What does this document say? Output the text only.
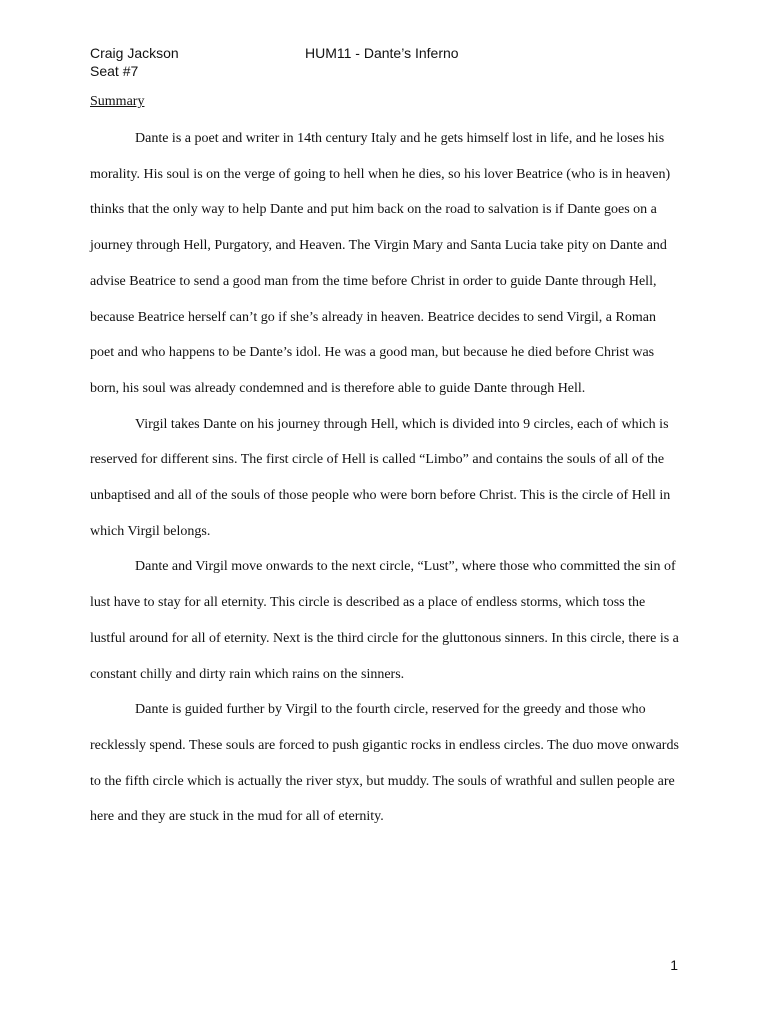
Craig Jackson
Seat #7
HUM11 - Dante’s Inferno
Summary

Dante is a poet and writer in 14th century Italy and he gets himself lost in life, and he loses his morality. His soul is on the verge of going to hell when he dies, so his lover Beatrice (who is in heaven) thinks that the only way to help Dante and put him back on the road to salvation is if Dante goes on a journey through Hell, Purgatory, and Heaven. The Virgin Mary and Santa Lucia take pity on Dante and advise Beatrice to send a good man from the time before Christ in order to guide Dante through Hell, because Beatrice herself can’t go if she’s already in heaven. Beatrice decides to send Virgil, a Roman poet and who happens to be Dante’s idol. He was a good man, but because he died before Christ was born, his soul was already condemned and is therefore able to guide Dante through Hell.

Virgil takes Dante on his journey through Hell, which is divided into 9 circles, each of which is reserved for different sins. The first circle of Hell is called “Limbo” and contains the souls of all of the unbaptised and all of the souls of those people who were born before Christ. This is the circle of Hell in which Virgil belongs.

Dante and Virgil move onwards to the next circle, “Lust”, where those who committed the sin of lust have to stay for all eternity. This circle is described as a place of endless storms, which toss the lustful around for all of eternity. Next is the third circle for the gluttonous sinners. In this circle, there is a constant chilly and dirty rain which rains on the sinners.

Dante is guided further by Virgil to the fourth circle, reserved for the greedy and those who recklessly spend. These souls are forced to push gigantic rocks in endless circles. The duo move onwards to the fifth circle which is actually the river styx, but muddy. The souls of wrathful and sullen people are here and they are stuck in the mud for all of eternity.

1
